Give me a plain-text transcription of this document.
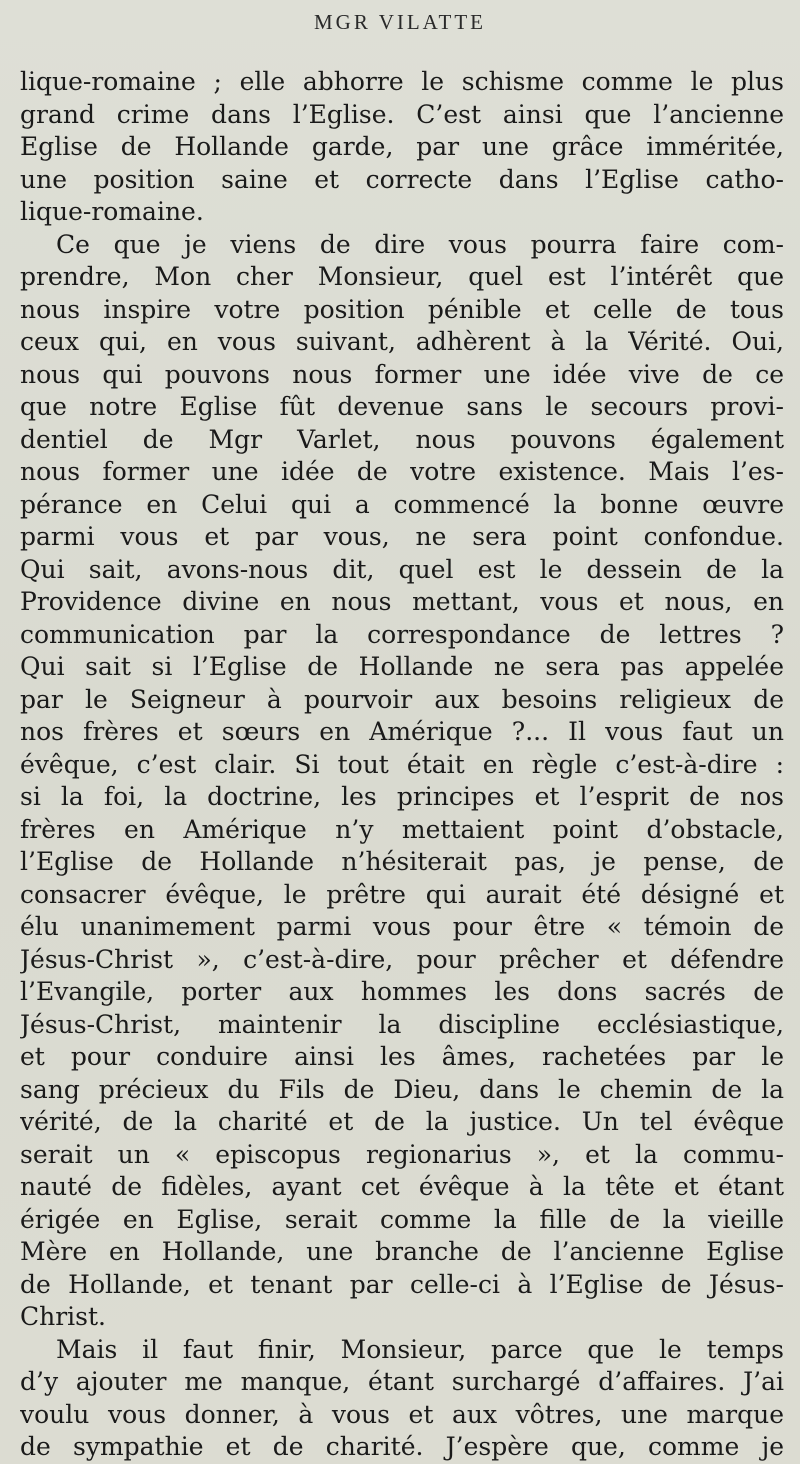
MGR VILATTE
lique-romaine ; elle abhorre le schisme comme le plus
grand crime dans l’Eglise. C’est ainsi que l’ancienne
Eglise de Hollande garde, par une grâce imméritée,
une position saine et correcte dans l’Eglise catho-
lique-romaine.
Ce que je viens de dire vous pourra faire com-
prendre, Mon cher Monsieur, quel est l’intérêt que
nous inspire votre position pénible et celle de tous
ceux qui, en vous suivant, adhèrent à la Vérité. Oui,
nous qui pouvons nous former une idée vive de ce
que notre Eglise fût devenue sans le secours provi-
dentiel de Mgr Varlet, nous pouvons également
nous former une idée de votre existence. Mais l’es-
pérance en Celui qui a commencé la bonne œuvre
parmi vous et par vous, ne sera point confondue.
Qui sait, avons-nous dit, quel est le dessein de la
Providence divine en nous mettant, vous et nous, en
communication par la correspondance de lettres ?
Qui sait si l’Eglise de Hollande ne sera pas appelée
par le Seigneur à pourvoir aux besoins religieux de
nos frères et sœurs en Amérique ?... Il vous faut un
évêque, c’est clair. Si tout était en règle c’est-à-dire :
si la foi, la doctrine, les principes et l’esprit de nos
frères en Amérique n’y mettaient point d’obstacle,
l’Eglise de Hollande n’hésiterait pas, je pense, de
consacrer évêque, le prêtre qui aurait été désigné et
élu unanimement parmi vous pour être « témoin de
Jésus-Christ », c’est-à-dire, pour prêcher et défendre
l’Evangile, porter aux hommes les dons sacrés de
Jésus-Christ, maintenir la discipline ecclésiastique,
et pour conduire ainsi les âmes, rachetées par le
sang précieux du Fils de Dieu, dans le chemin de la
vérité, de la charité et de la justice. Un tel évêque
serait un « episcopus regionarius », et la commu-
nauté de fidèles, ayant cet évêque à la tête et étant
érigée en Eglise, serait comme la fille de la vieille
Mère en Hollande, une branche de l’ancienne Eglise
de Hollande, et tenant par celle-ci à l’Eglise de Jésus-
Christ.
Mais il faut finir, Monsieur, parce que le temps
d’y ajouter me manque, étant surchargé d’affaires. J’ai
voulu vous donner, à vous et aux vôtres, une marque
de sympathie et de charité. J’espère que, comme je
